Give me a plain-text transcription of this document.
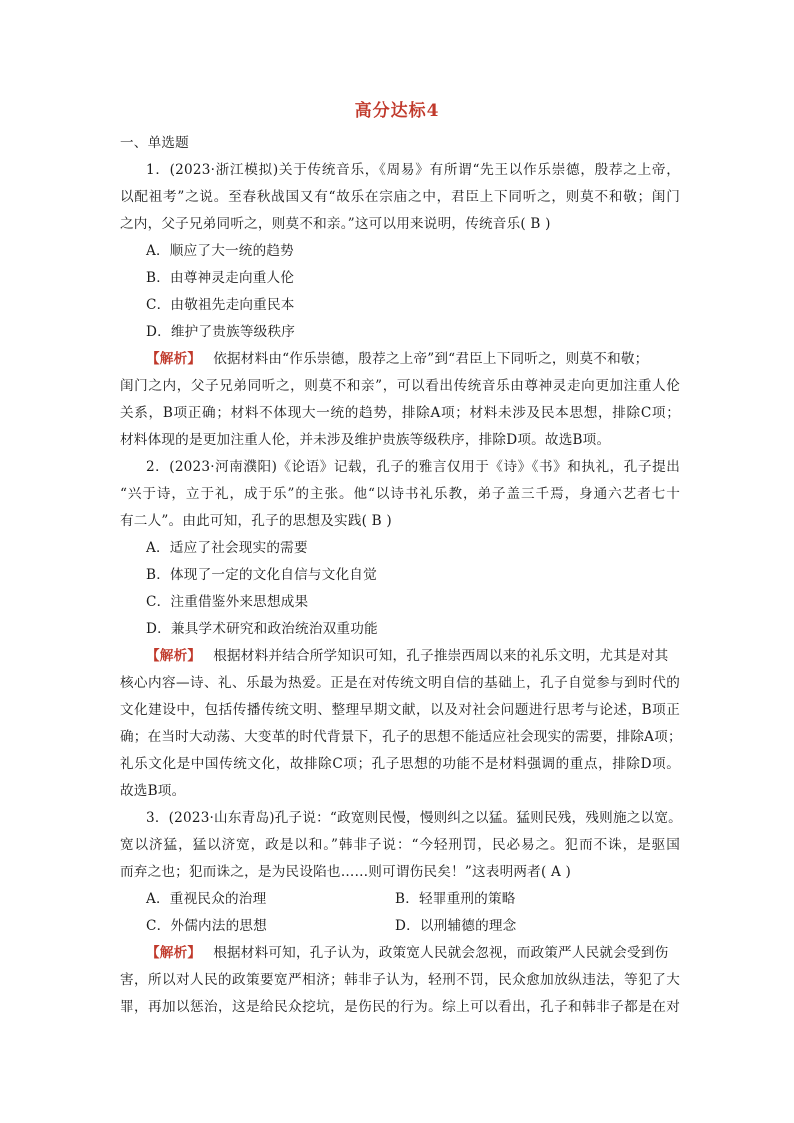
高分达标4
一、单选题
1．(2023·浙江模拟)关于传统音乐，《周易》有所谓“先王以作乐崇德，殷荐之上帝，
以配祖考”之说。至春秋战国又有“故乐在宗庙之中，君臣上下同听之，则莫不和敬；闺门
之内，父子兄弟同听之，则莫不和亲。”这可以用来说明，传统音乐( B )
A．顺应了大一统的趋势
B．由尊神灵走向重人伦
C．由敬祖先走向重民本
D．维护了贵族等级秩序
【解析】 依据材料由“作乐崇德，殷荐之上帝”到“君臣上下同听之，则莫不和敬；
闺门之内，父子兄弟同听之，则莫不和亲”，可以看出传统音乐由尊神灵走向更加注重人伦
关系，B项正确；材料不体现大一统的趋势，排除A项；材料未涉及民本思想，排除C项；
材料体现的是更加注重人伦，并未涉及维护贵族等级秩序，排除D项。故选B项。
2．(2023·河南濮阳)《论语》记载，孔子的雅言仅用于《诗》《书》和执礼，孔子提出
“兴于诗，立于礼，成于乐”的主张。他“以诗书礼乐教，弟子盖三千焉，身通六艺者七十
有二人”。由此可知，孔子的思想及实践( B )
A．适应了社会现实的需要
B．体现了一定的文化自信与文化自觉
C．注重借鉴外来思想成果
D．兼具学术研究和政治统治双重功能
【解析】 根据材料并结合所学知识可知，孔子推崇西周以来的礼乐文明，尤其是对其
核心内容—诗、礼、乐最为热爱。正是在对传统文明自信的基础上，孔子自觉参与到时代的
文化建设中，包括传播传统文明、整理早期文献，以及对社会问题进行思考与论述，B项正
确；在当时大动荡、大变革的时代背景下，孔子的思想不能适应社会现实的需要，排除A项；
礼乐文化是中国传统文化，故排除C项；孔子思想的功能不是材料强调的重点，排除D项。
故选B项。
3．(2023·山东青岛)孔子说：“政宽则民慢，慢则纠之以猛。猛则民残，残则施之以宽。
宽以济猛，猛以济宽，政是以和。”韩非子说：“今轻刑罚，民必易之。犯而不诛，是驱国
而弃之也；犯而诛之，是为民设陷也……则可谓伤民矣！”这表明两者( A )
A．重视民众的治理	B．轻罪重刑的策略
C．外儒内法的思想	D．以刑辅德的理念
【解析】 根据材料可知，孔子认为，政策宽人民就会忽视，而政策严人民就会受到伤
害，所以对人民的政策要宽严相济；韩非子认为，轻刑不罚，民众愈加放纵违法，等犯了大
罪，再加以惩治，这是给民众挖坑，是伤民的行为。综上可以看出，孔子和韩非子都是在对
